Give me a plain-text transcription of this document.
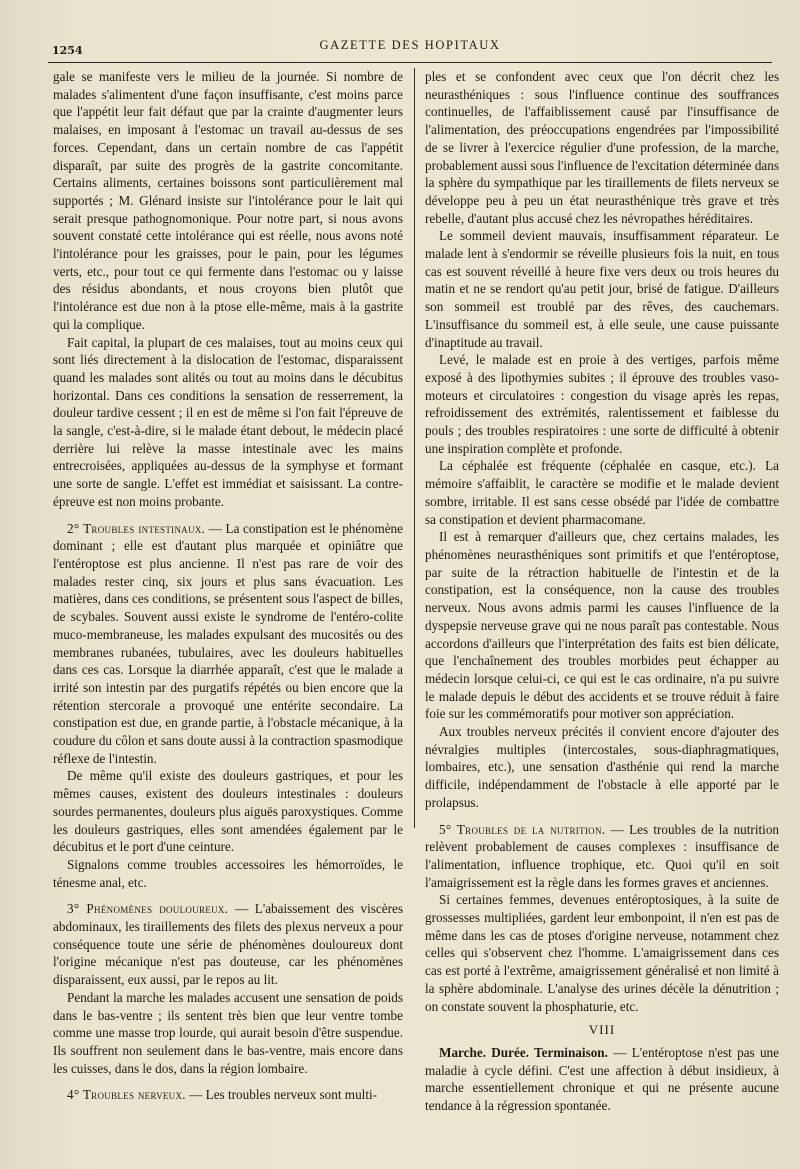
1254	GAZETTE DES HOPITAUX

gale se manifeste vers le milieu de la journée. Si nombre de malades s'alimentent d'une façon insuffisante, c'est moins parce que l'appétit leur fait défaut que par la crainte d'augmenter leurs malaises, en imposant à l'estomac un travail au-dessus de ses forces. Cependant, dans un certain nombre de cas l'appétit disparaît, par suite des progrès de la gastrite concomitante. Certains aliments, certaines boissons sont particulièrement mal supportés ; M. Glénard insiste sur l'intolérance pour le lait qui serait presque pathognomonique. Pour notre part, si nous avons souvent constaté cette intolérance qui est réelle, nous avons noté l'intolérance pour les graisses, pour le pain, pour les légumes verts, etc., pour tout ce qui fermente dans l'estomac ou y laisse des résidus abondants, et nous croyons bien plutôt que l'intolérance est due non à la ptose elle-même, mais à la gastrite qui la complique.

Fait capital, la plupart de ces malaises, tout au moins ceux qui sont liés directement à la dislocation de l'estomac, disparaissent quand les malades sont alités ou tout au moins dans le décubitus horizontal. Dans ces conditions la sensation de resserrement, la douleur tardive cessent ; il en est de même si l'on fait l'épreuve de la sangle, c'est-à-dire, si le malade étant debout, le médecin placé derrière lui relève la masse intestinale avec les mains entrecroisées, appliquées au-dessus de la symphyse et formant une sorte de sangle. L'effet est immédiat et saisissant. La contre-épreuve est non moins probante.

2° Troubles intestinaux. — La constipation est le phénomène dominant ; elle est d'autant plus marquée et opiniâtre que l'entéroptose est plus ancienne. Il n'est pas rare de voir des malades rester cinq, six jours et plus sans évacuation. Les matières, dans ces conditions, se présentent sous l'aspect de billes, de scybales. Souvent aussi existe le syndrome de l'entéro-colite muco-membraneuse, les malades expulsant des mucosités ou des membranes rubanées, tubulaires, avec les douleurs habituelles dans ces cas. Lorsque la diarrhée apparaît, c'est que le malade a irrité son intestin par des purgatifs répétés ou bien encore que la rétention stercorale a provoqué une entérite secondaire. La constipation est due, en grande partie, à l'obstacle mécanique, à la coudure du côlon et sans doute aussi à la contraction spasmodique réflexe de l'intestin.

De même qu'il existe des douleurs gastriques, et pour les mêmes causes, existent des douleurs intestinales : douleurs sourdes permanentes, douleurs plus aiguës paroxystiques. Comme les douleurs gastriques, elles sont amendées également par le décubitus et le port d'une ceinture.

Signalons comme troubles accessoires les hémorroïdes, le ténesme anal, etc.

3° Phénomènes douloureux. — L'abaissement des viscères abdominaux, les tiraillements des filets des plexus nerveux a pour conséquence toute une série de phénomènes douloureux dont l'origine mécanique n'est pas douteuse, car les phénomènes disparaissent, eux aussi, par le repos au lit.

Pendant la marche les malades accusent une sensation de poids dans le bas-ventre ; ils sentent très bien que leur ventre tombe comme une masse trop lourde, qui aurait besoin d'être suspendue. Ils souffrent non seulement dans le bas-ventre, mais encore dans les cuisses, dans le dos, dans la région lombaire.

4° Troubles nerveux. — Les troubles nerveux sont multi-

ples et se confondent avec ceux que l'on décrit chez les neurasthéniques : sous l'influence continue des souffrances continuelles, de l'affaiblissement causé par l'insuffisance de l'alimentation, des préoccupations engendrées par l'impossibilité de se livrer à l'exercice régulier d'une profession, de la marche, probablement aussi sous l'influence de l'excitation déterminée dans la sphère du sympathique par les tiraillements de filets nerveux se développe peu à peu un état neurasthénique très grave et très rebelle, d'autant plus accusé chez les névropathes héréditaires.

Le sommeil devient mauvais, insuffisamment réparateur. Le malade lent à s'endormir se réveille plusieurs fois la nuit, en tous cas est souvent réveillé à heure fixe vers deux ou trois heures du matin et ne se rendort qu'au petit jour, brisé de fatigue. D'ailleurs son sommeil est troublé par des rêves, des cauchemars. L'insuffisance du sommeil est, à elle seule, une cause puissante d'inaptitude au travail.

Levé, le malade est en proie à des vertiges, parfois même exposé à des lipothymies subites ; il éprouve des troubles vaso-moteurs et circulatoires : congestion du visage après les repas, refroidissement des extrémités, ralentissement et faiblesse du pouls ; des troubles respiratoires : une sorte de difficulté à obtenir une inspiration complète et profonde.

La céphalée est fréquente (céphalée en casque, etc.). La mémoire s'affaiblit, le caractère se modifie et le malade devient sombre, irritable. Il est sans cesse obsédé par l'idée de combattre sa constipation et devient pharmacomane.

Il est à remarquer d'ailleurs que, chez certains malades, les phénomènes neurasthéniques sont primitifs et que l'entéroptose, par suite de la rétraction habituelle de l'intestin et de la constipation, est la conséquence, non la cause des troubles nerveux. Nous avons admis parmi les causes l'influence de la dyspepsie nerveuse grave qui ne nous paraît pas contestable. Nous accordons d'ailleurs que l'interprétation des faits est bien délicate, que l'enchaînement des troubles morbides peut échapper au médecin lorsque celui-ci, ce qui est le cas ordinaire, n'a pu suivre le malade depuis le début des accidents et se trouve réduit à faire foie sur les commémoratifs pour motiver son appréciation.

Aux troubles nerveux précités il convient encore d'ajouter des névralgies multiples (intercostales, sous-diaphragmatiques, lombaires, etc.), une sensation d'asthénie qui rend la marche difficile, indépendamment de l'obstacle à elle apporté par le prolapsus.

5° Troubles de la nutrition. — Les troubles de la nutrition relèvent probablement de causes complexes : insuffisance de l'alimentation, influence trophique, etc. Quoi qu'il en soit l'amaigrissement est la règle dans les formes graves et anciennes.

Si certaines femmes, devenues entéroptosiques, à la suite de grossesses multipliées, gardent leur embonpoint, il n'en est pas de même dans les cas de ptoses d'origine nerveuse, notamment chez celles qui s'observent chez l'homme. L'amaigrissement dans ces cas est porté à l'extrême, amaigrissement généralisé et non limité à la sphère abdominale. L'analyse des urines décèle la dénutrition ; on constate souvent la phosphaturie, etc.

VIII

Marche. Durée. Terminaison. — L'entéroptose n'est pas une maladie à cycle défini. C'est une affection à début insidieux, à marche essentiellement chronique et qui ne présente aucune tendance à la régression spontanée.
